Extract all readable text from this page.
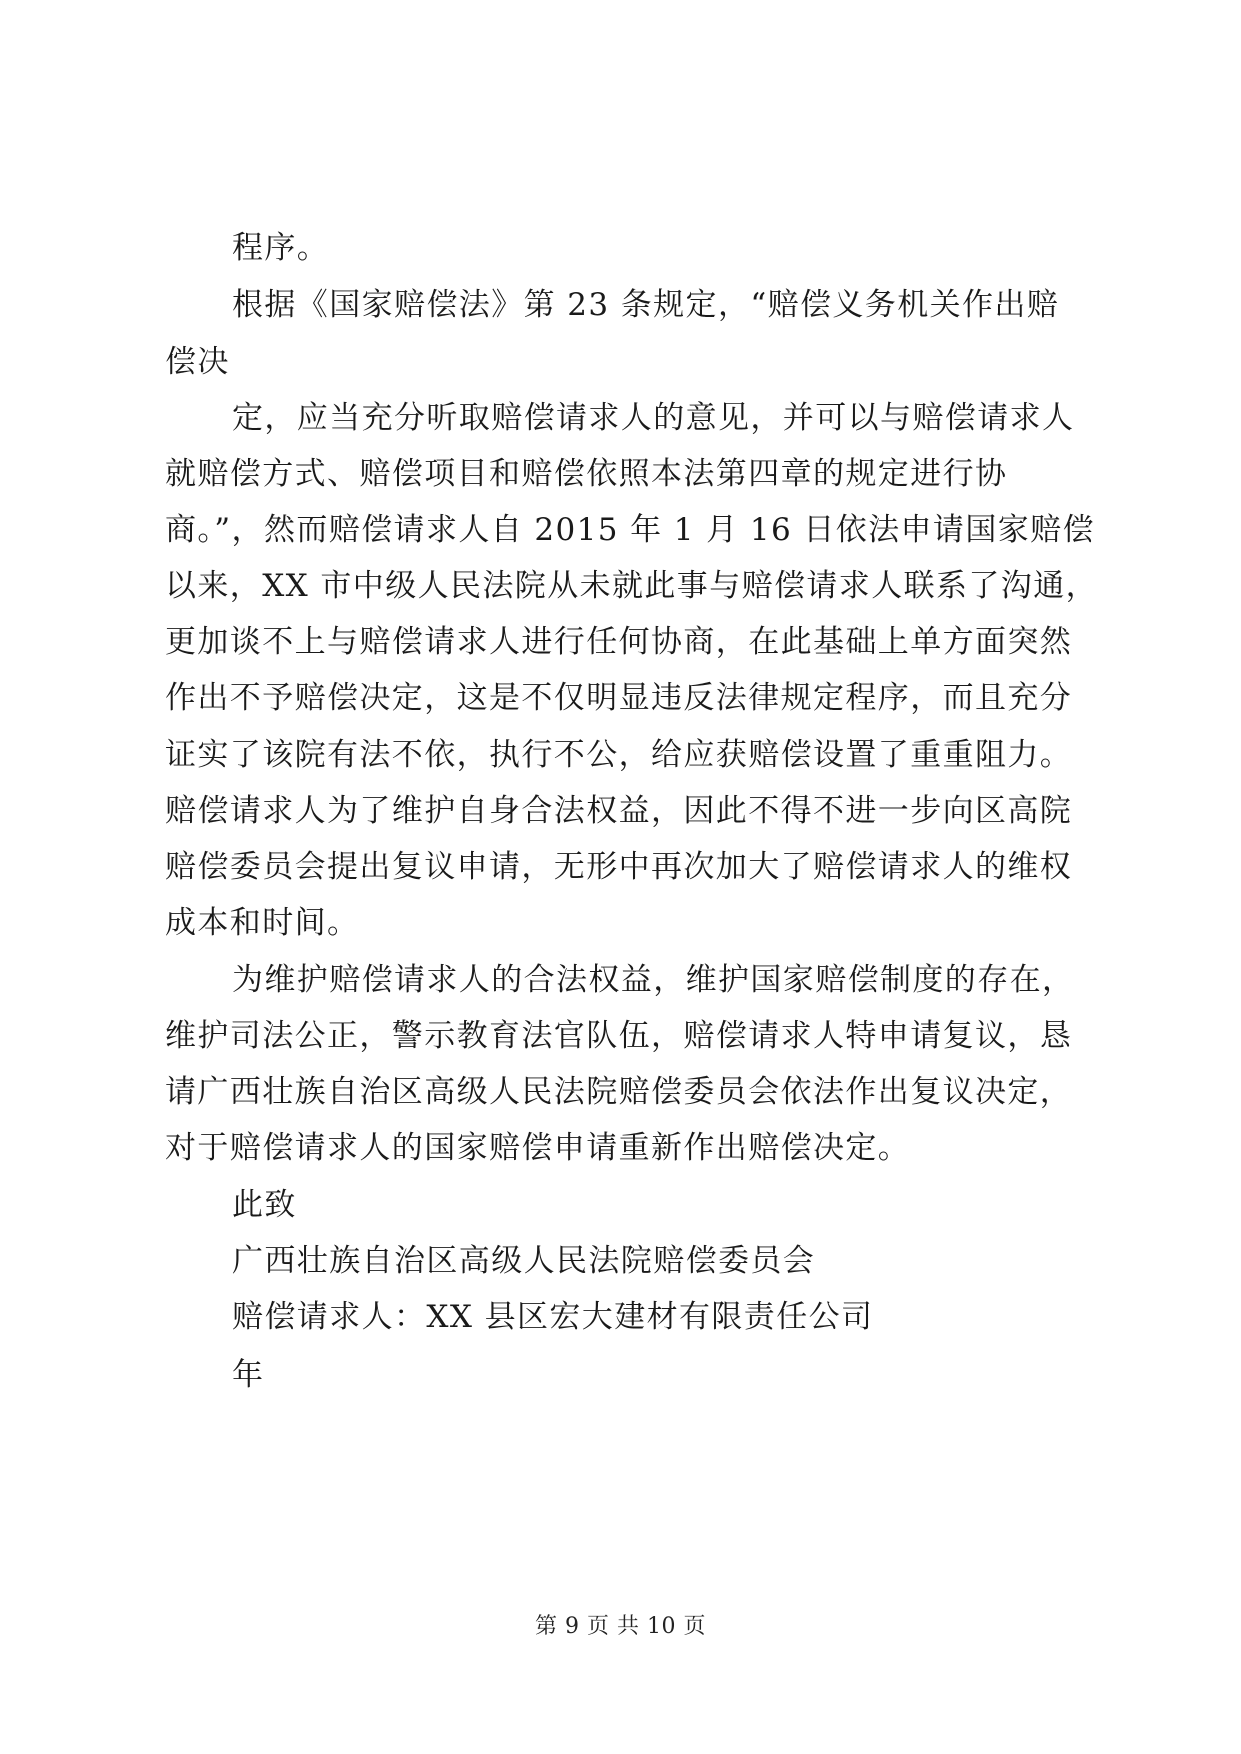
程序。
根据《国家赔偿法》第 23 条规定，“赔偿义务机关作出赔
偿决
定，应当充分听取赔偿请求人的意见，并可以与赔偿请求人
就赔偿方式、赔偿项目和赔偿依照本法第四章的规定进行协
商。”，然而赔偿请求人自 2015 年 1 月 16 日依法申请国家赔偿
以来，XX 市中级人民法院从未就此事与赔偿请求人联系了沟通，
更加谈不上与赔偿请求人进行任何协商，在此基础上单方面突然
作出不予赔偿决定，这是不仅明显违反法律规定程序，而且充分
证实了该院有法不依，执行不公，给应获赔偿设置了重重阻力。
赔偿请求人为了维护自身合法权益，因此不得不进一步向区高院
赔偿委员会提出复议申请，无形中再次加大了赔偿请求人的维权
成本和时间。
为维护赔偿请求人的合法权益，维护国家赔偿制度的存在，
维护司法公正，警示教育法官队伍，赔偿请求人特申请复议，恳
请广西壮族自治区高级人民法院赔偿委员会依法作出复议决定，
对于赔偿请求人的国家赔偿申请重新作出赔偿决定。
此致
广西壮族自治区高级人民法院赔偿委员会
赔偿请求人：XX 县区宏大建材有限责任公司
年
第 9 页 共 10 页
